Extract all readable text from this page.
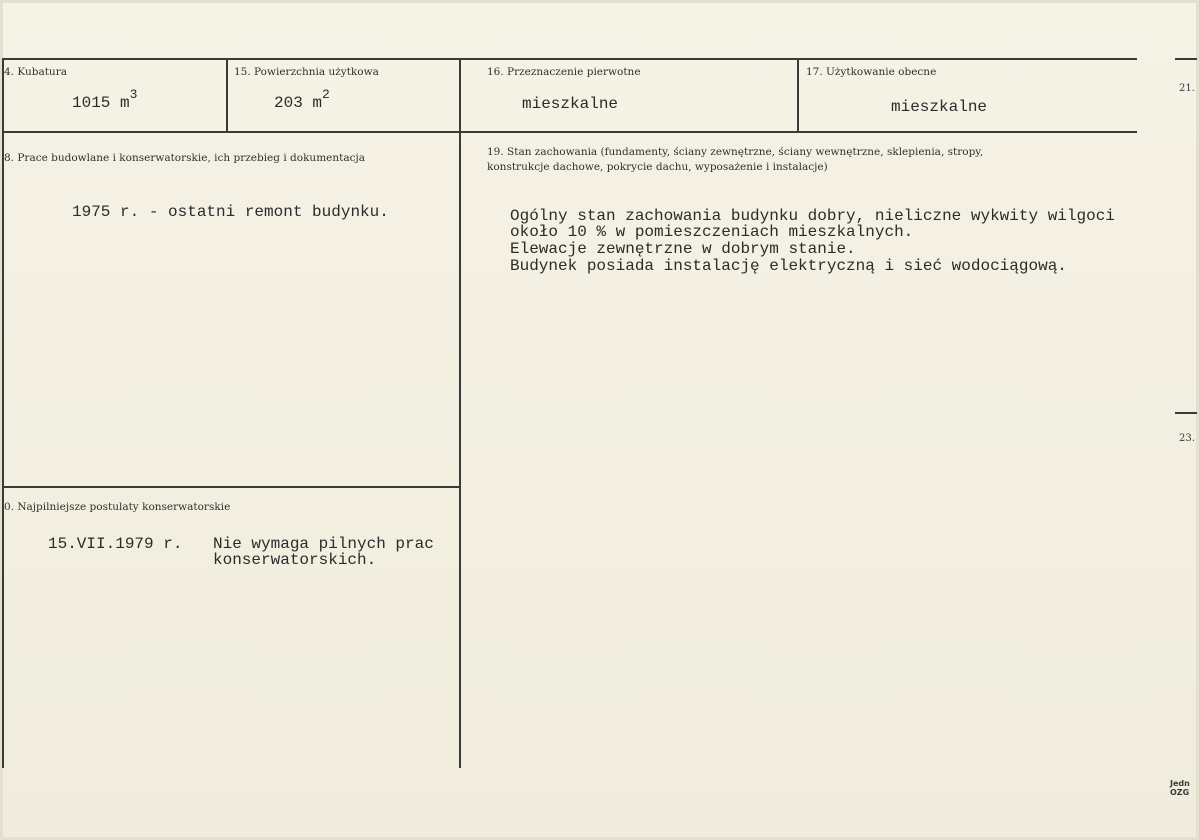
4. Kubatura
1015 $m^3$
15. Powierzchnia użytkowa
203 $m^2$
16. Przeznaczenie pierwotne
mieszkalne
17. Użytkowanie obecne
mieszkalne
8. Prace budowlane i konserwatorskie, ich przebieg i dokumentacja
1975 r. - ostatni remont budynku.
19. Stan zachowania (fundamenty, ściany zewnętrzne, ściany wewnętrzne, sklepienia, stropy,
konstrukcje dachowe, pokrycie dachu, wyposażenie i instalacje)
Ogólny stan zachowania budynku dobry, nieliczne wykwity wilgoci
około 10 % w pomieszczeniach mieszkalnych.
Elewacje zewnętrzne w dobrym stanie.
Budynek posiada instalację elektryczną i sieć wodociągową.
0. Najpilniejsze postulaty konserwatorskie
15.VII.1979 r. Nie wymaga pilnych prac
konserwatorskich.
21.
23.
Jedn
OZG
